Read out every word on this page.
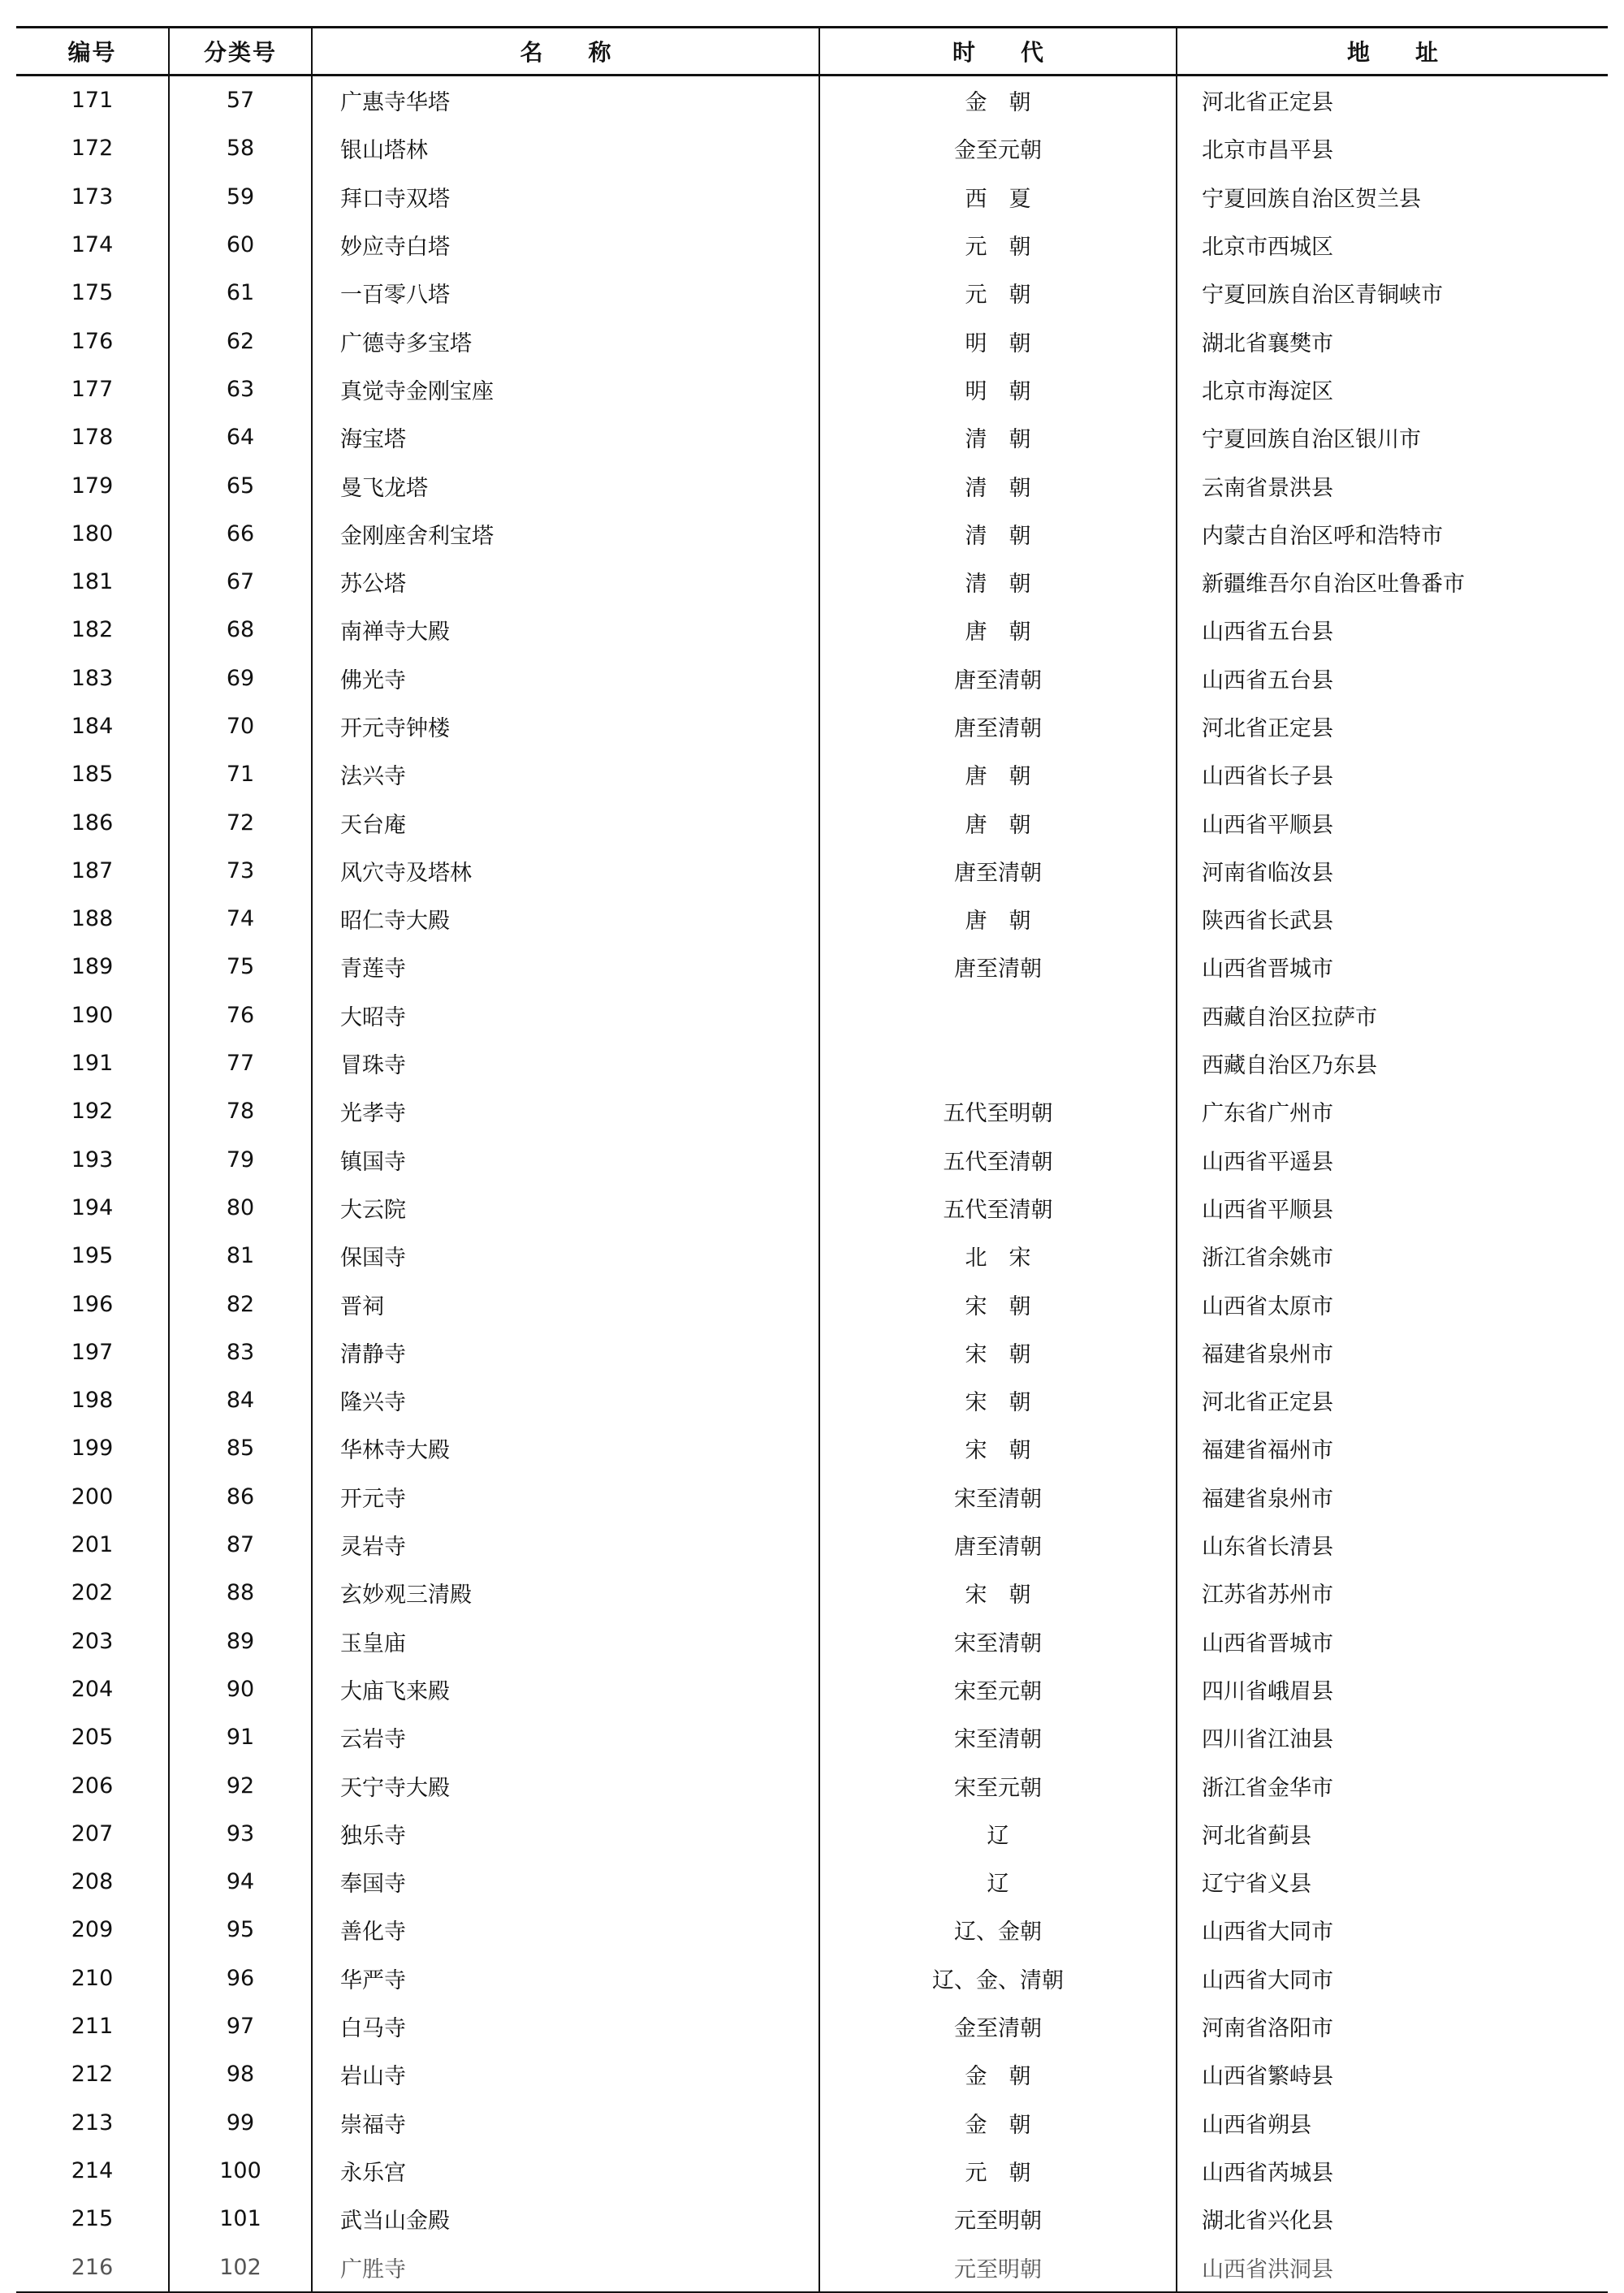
编号	分类号	名称	时代	地址
171	57	广惠寺华塔	金　朝	河北省正定县
172	58	银山塔林	金至元朝	北京市昌平县
173	59	拜口寺双塔	西　夏	宁夏回族自治区贺兰县
174	60	妙应寺白塔	元　朝	北京市西城区
175	61	一百零八塔	元　朝	宁夏回族自治区青铜峡市
176	62	广德寺多宝塔	明　朝	湖北省襄樊市
177	63	真觉寺金刚宝座	明　朝	北京市海淀区
178	64	海宝塔	清　朝	宁夏回族自治区银川市
179	65	曼飞龙塔	清　朝	云南省景洪县
180	66	金刚座舍利宝塔	清　朝	内蒙古自治区呼和浩特市
181	67	苏公塔	清　朝	新疆维吾尔自治区吐鲁番市
182	68	南禅寺大殿	唐　朝	山西省五台县
183	69	佛光寺	唐至清朝	山西省五台县
184	70	开元寺钟楼	唐至清朝	河北省正定县
185	71	法兴寺	唐　朝	山西省长子县
186	72	天台庵	唐　朝	山西省平顺县
187	73	风穴寺及塔林	唐至清朝	河南省临汝县
188	74	昭仁寺大殿	唐　朝	陕西省长武县
189	75	青莲寺	唐至清朝	山西省晋城市
190	76	大昭寺		西藏自治区拉萨市
191	77	冒珠寺		西藏自治区乃东县
192	78	光孝寺	五代至明朝	广东省广州市
193	79	镇国寺	五代至清朝	山西省平遥县
194	80	大云院	五代至清朝	山西省平顺县
195	81	保国寺	北　宋	浙江省余姚市
196	82	晋祠	宋　朝	山西省太原市
197	83	清静寺	宋　朝	福建省泉州市
198	84	隆兴寺	宋　朝	河北省正定县
199	85	华林寺大殿	宋　朝	福建省福州市
200	86	开元寺	宋至清朝	福建省泉州市
201	87	灵岩寺	唐至清朝	山东省长清县
202	88	玄妙观三清殿	宋　朝	江苏省苏州市
203	89	玉皇庙	宋至清朝	山西省晋城市
204	90	大庙飞来殿	宋至元朝	四川省峨眉县
205	91	云岩寺	宋至清朝	四川省江油县
206	92	天宁寺大殿	宋至元朝	浙江省金华市
207	93	独乐寺	辽	河北省蓟县
208	94	奉国寺	辽	辽宁省义县
209	95	善化寺	辽、金朝	山西省大同市
210	96	华严寺	辽、金、清朝	山西省大同市
211	97	白马寺	金至清朝	河南省洛阳市
212	98	岩山寺	金　朝	山西省繁峙县
213	99	崇福寺	金　朝	山西省朔县
214	100	永乐宫	元　朝	山西省芮城县
215	101	武当山金殿	元至明朝	湖北省兴化县
216	102	广胜寺	元至明朝	山西省洪洞县
